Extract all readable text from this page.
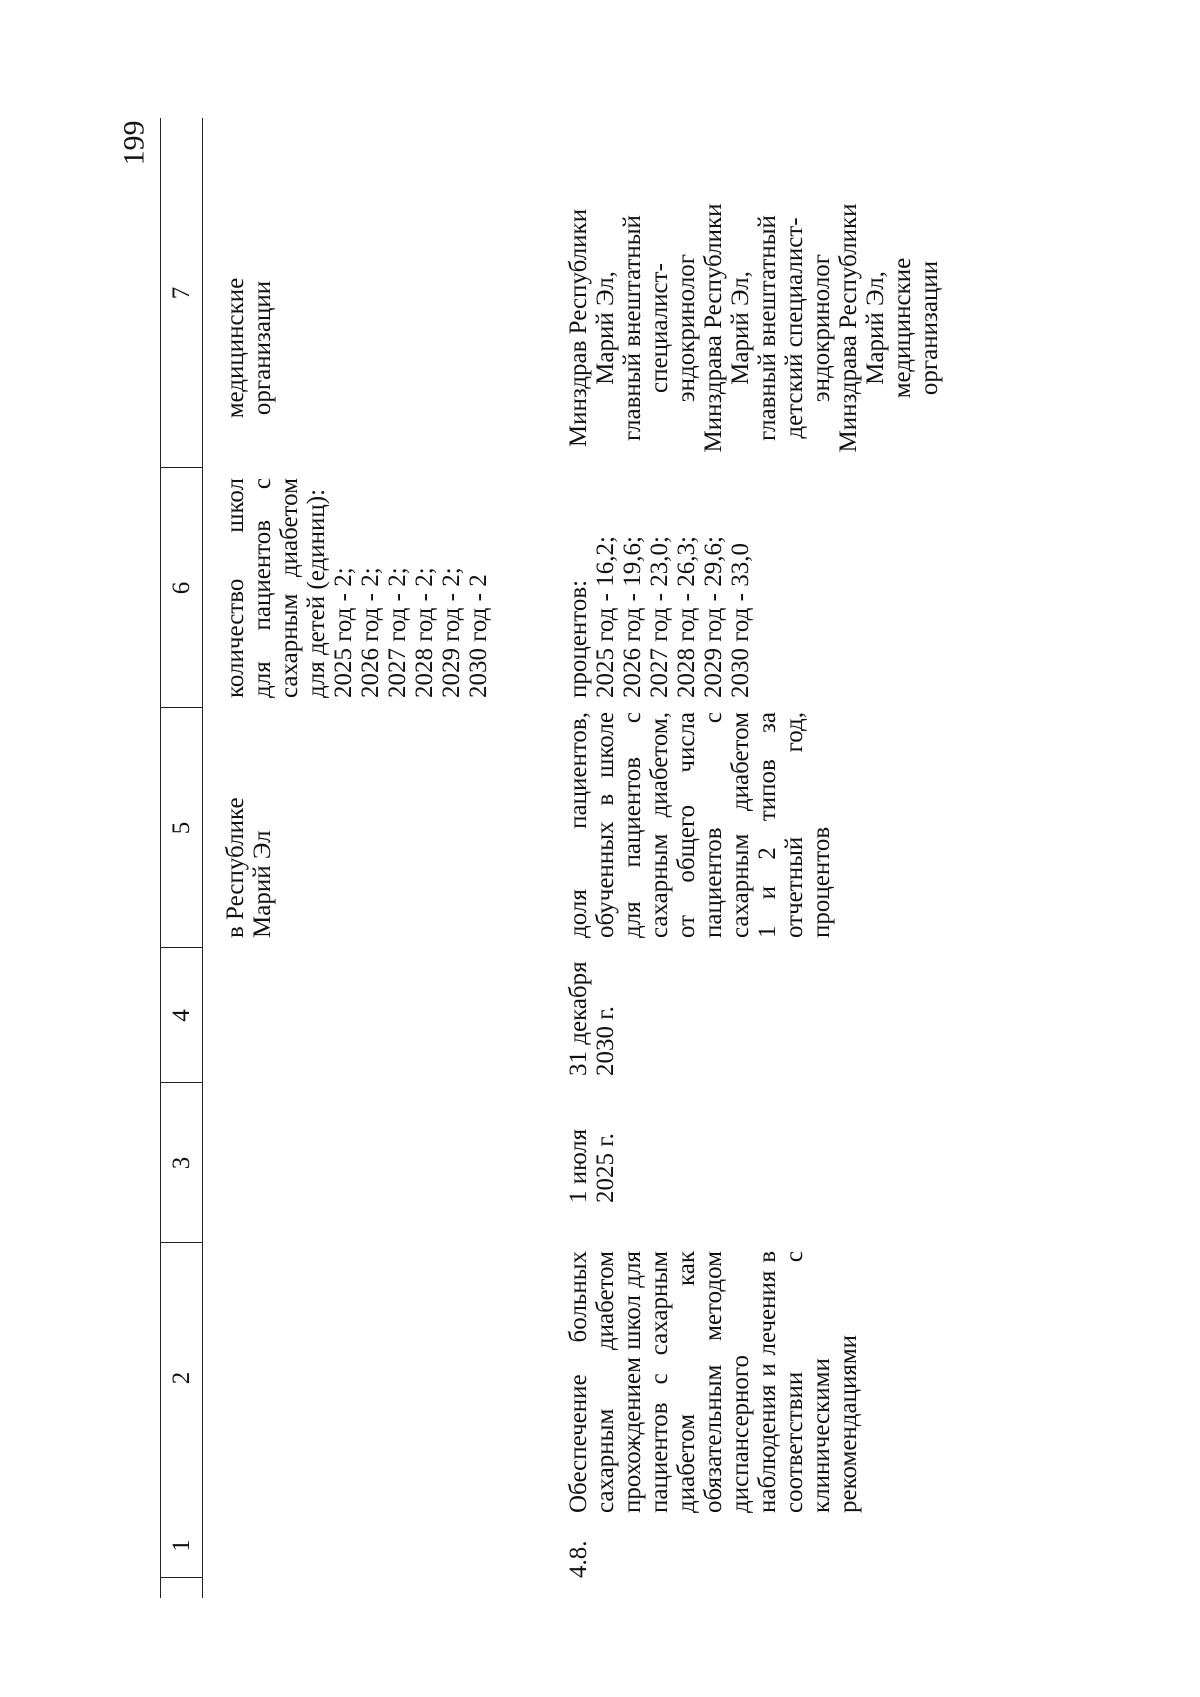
199
1
2
3
4
5
6
7
в Республике
Марий Эл
количество школ для пациентов с сахарным диабетом для детей (единиц):
2025 год - 2;
2026 год - 2;
2027 год - 2;
2028 год - 2;
2029 год - 2;
2030 год - 2
медицинские
организации
4.8.
Обеспечение больных сахарным диабетом прохождением школ для пациентов с сахарным диабетом как обязательным методом диспансерного наблюдения и лечения в соответствии с клиническими рекомендациями
1 июля
2025 г.
31 декабря
2030 г.
доля пациентов, обученных в школе для пациентов с сахарным диабетом, от общего числа пациентов с сахарным диабетом 1 и 2 типов за отчетный год, процентов
процентов:
2025 год - 16,2;
2026 год - 19,6;
2027 год - 23,0;
2028 год - 26,3;
2029 год - 29,6;
2030 год - 33,0
Минздрав Республики
Марий Эл,
главный внештатный
специалист-
эндокринолог
Минздрава Республики
Марий Эл,
главный внештатный
детский специалист-
эндокринолог
Минздрава Республики
Марий Эл,
медицинские
организации
